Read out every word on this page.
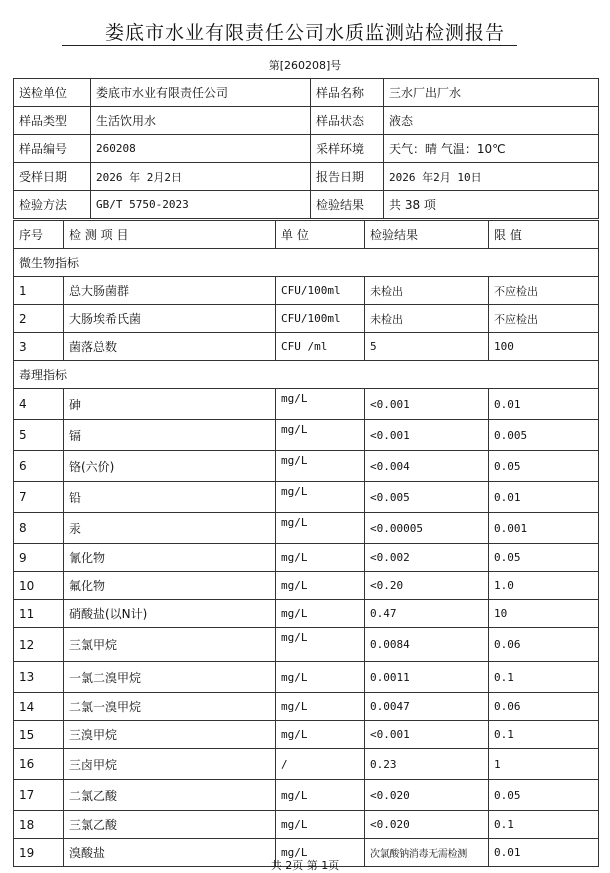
娄底市水业有限责任公司水质监测站检测报告
第[260208]号
送检单位	娄底市水业有限责任公司	样品名称	三水厂出厂水
样品类型	生活饮用水	样品状态	液态
样品编号	260208	采样环境	天气：晴 气温：10℃
受样日期	2026 年 2月2日	报告日期	2026 年2月 10日
检验方法	GB/T 5750-2023	检验结果	共 38 项
序号	检 测 项 目	单 位	检验结果	限 值
微生物指标				
1	总大肠菌群	CFU/100ml	未检出	不应检出
2	大肠埃希氏菌	CFU/100ml	未检出	不应检出
3	菌落总数	CFU /ml	5	100
毒理指标				
4	砷	mg/L	<0.001	0.01
5	镉	mg/L	<0.001	0.005
6	铬(六价)	mg/L	<0.004	0.05
7	铅	mg/L	<0.005	0.01
8	汞	mg/L	<0.00005	0.001
9	氰化物	mg/L	<0.002	0.05
10	氟化物	mg/L	<0.20	1.0
11	硝酸盐(以N计)	mg/L	0.47	10
12	三氯甲烷	mg/L	0.0084	0.06
13	一氯二溴甲烷	mg/L	0.0011	0.1
14	二氯一溴甲烷	mg/L	0.0047	0.06
15	三溴甲烷	mg/L	<0.001	0.1
16	三卤甲烷	/	0.23	1
17	二氯乙酸	mg/L	<0.020	0.05
18	三氯乙酸	mg/L	<0.020	0.1
19	溴酸盐	mg/L	次氯酸钠消毒无需检测	0.01
共 2页 第 1页
